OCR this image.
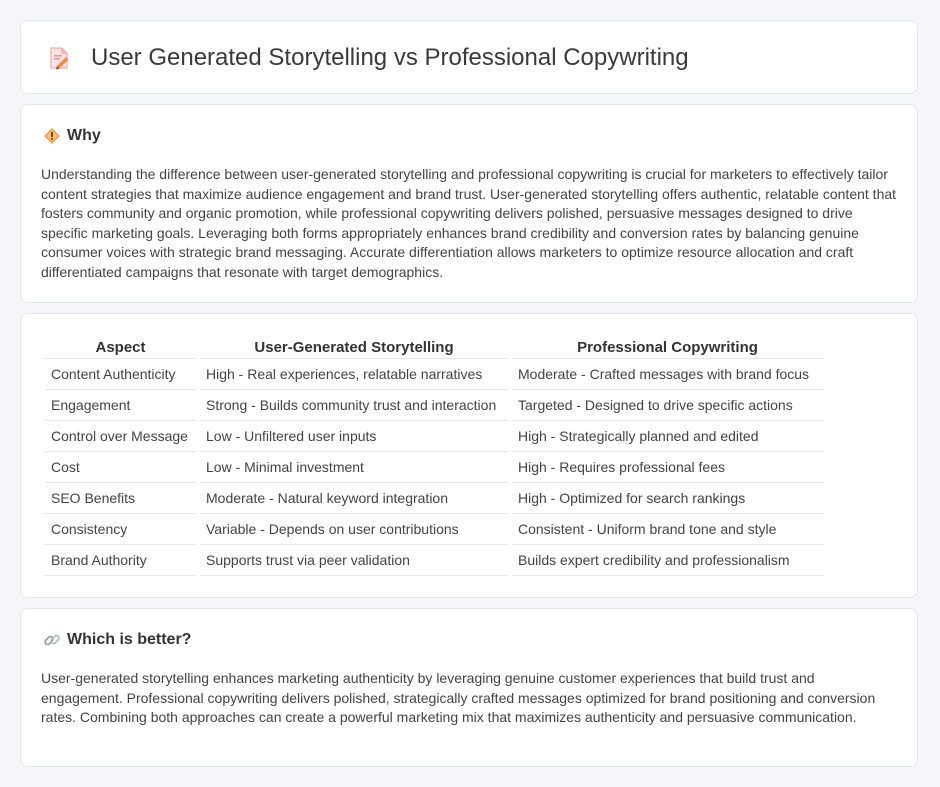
User Generated Storytelling vs Professional Copywriting
Why

Understanding the difference between user-generated storytelling and professional copywriting is crucial for marketers to effectively tailor content strategies that maximize audience engagement and brand trust. User-generated storytelling offers authentic, relatable content that fosters community and organic promotion, while professional copywriting delivers polished, persuasive messages designed to drive specific marketing goals. Leveraging both forms appropriately enhances brand credibility and conversion rates by balancing genuine consumer voices with strategic brand messaging. Accurate differentiation allows marketers to optimize resource allocation and craft differentiated campaigns that resonate with target demographics.

Aspect	User-Generated Storytelling	Professional Copywriting
Content Authenticity	High - Real experiences, relatable narratives	Moderate - Crafted messages with brand focus
Engagement	Strong - Builds community trust and interaction	Targeted - Designed to drive specific actions
Control over Message	Low - Unfiltered user inputs	High - Strategically planned and edited
Cost	Low - Minimal investment	High - Requires professional fees
SEO Benefits	Moderate - Natural keyword integration	High - Optimized for search rankings
Consistency	Variable - Depends on user contributions	Consistent - Uniform brand tone and style
Brand Authority	Supports trust via peer validation	Builds expert credibility and professionalism
Which is better?

User-generated storytelling enhances marketing authenticity by leveraging genuine customer experiences that build trust and engagement. Professional copywriting delivers polished, strategically crafted messages optimized for brand positioning and conversion rates. Combining both approaches can create a powerful marketing mix that maximizes authenticity and persuasive communication.
